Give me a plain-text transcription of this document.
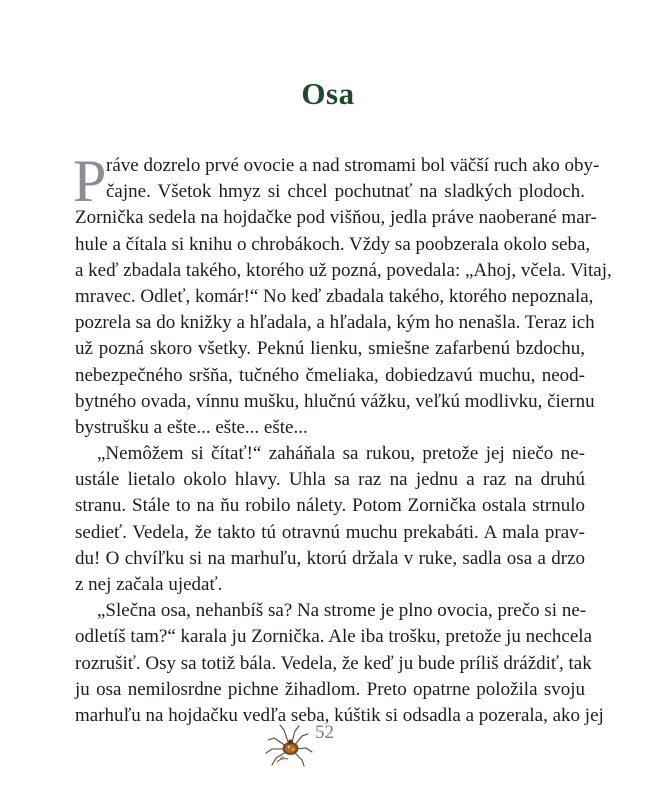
Osa
P ráve dozrelo prvé ovocie a nad stromami bol väčší ruch ako oby-
čajne. Všetok hmyz si chcel pochutnať na sladkých plodoch.
Zornička sedela na hojdačke pod višňou, jedla práve naoberané mar-
hule a čítala si knihu o chrobákoch. Vždy sa poobzerala okolo seba,
a keď zbadala takého, ktorého už pozná, povedala: „Ahoj, včela. Vitaj,
mravec. Odleť, komár!“ No keď zbadala takého, ktorého nepoznala,
pozrela sa do knižky a hľadala, a hľadala, kým ho nenašla. Teraz ich
už pozná skoro všetky. Peknú lienku, smiešne zafarbenú bzdochu,
nebezpečného sršňa, tučného čmeliaka, dobiedzavú muchu, neod-
bytného ovada, vínnu mušku, hlučnú vážku, veľkú modlivku, čiernu
bystrušku a ešte... ešte... ešte...
„Nemôžem si čítať!“ zaháňala sa rukou, pretože jej niečo ne-
ustále lietalo okolo hlavy. Uhla sa raz na jednu a raz na druhú
stranu. Stále to na ňu robilo nálety. Potom Zornička ostala strnulo
sedieť. Vedela, že takto tú otravnú muchu prekabáti. A mala prav-
du! O chvíľku si na marhuľu, ktorú držala v ruke, sadla osa a drzo
z nej začala ujedať.
„Slečna osa, nehanbíš sa? Na strome je plno ovocia, prečo si ne-
odletíš tam?“ karala ju Zornička. Ale iba trošku, pretože ju nechcela
rozrušiť. Osy sa totiž bála. Vedela, že keď ju bude príliš dráždiť, tak
ju osa nemilosrdne pichne žihadlom. Preto opatrne položila svoju
marhuľu na hojdačku vedľa seba, kúštik si odsadla a pozerala, ako jej
52
